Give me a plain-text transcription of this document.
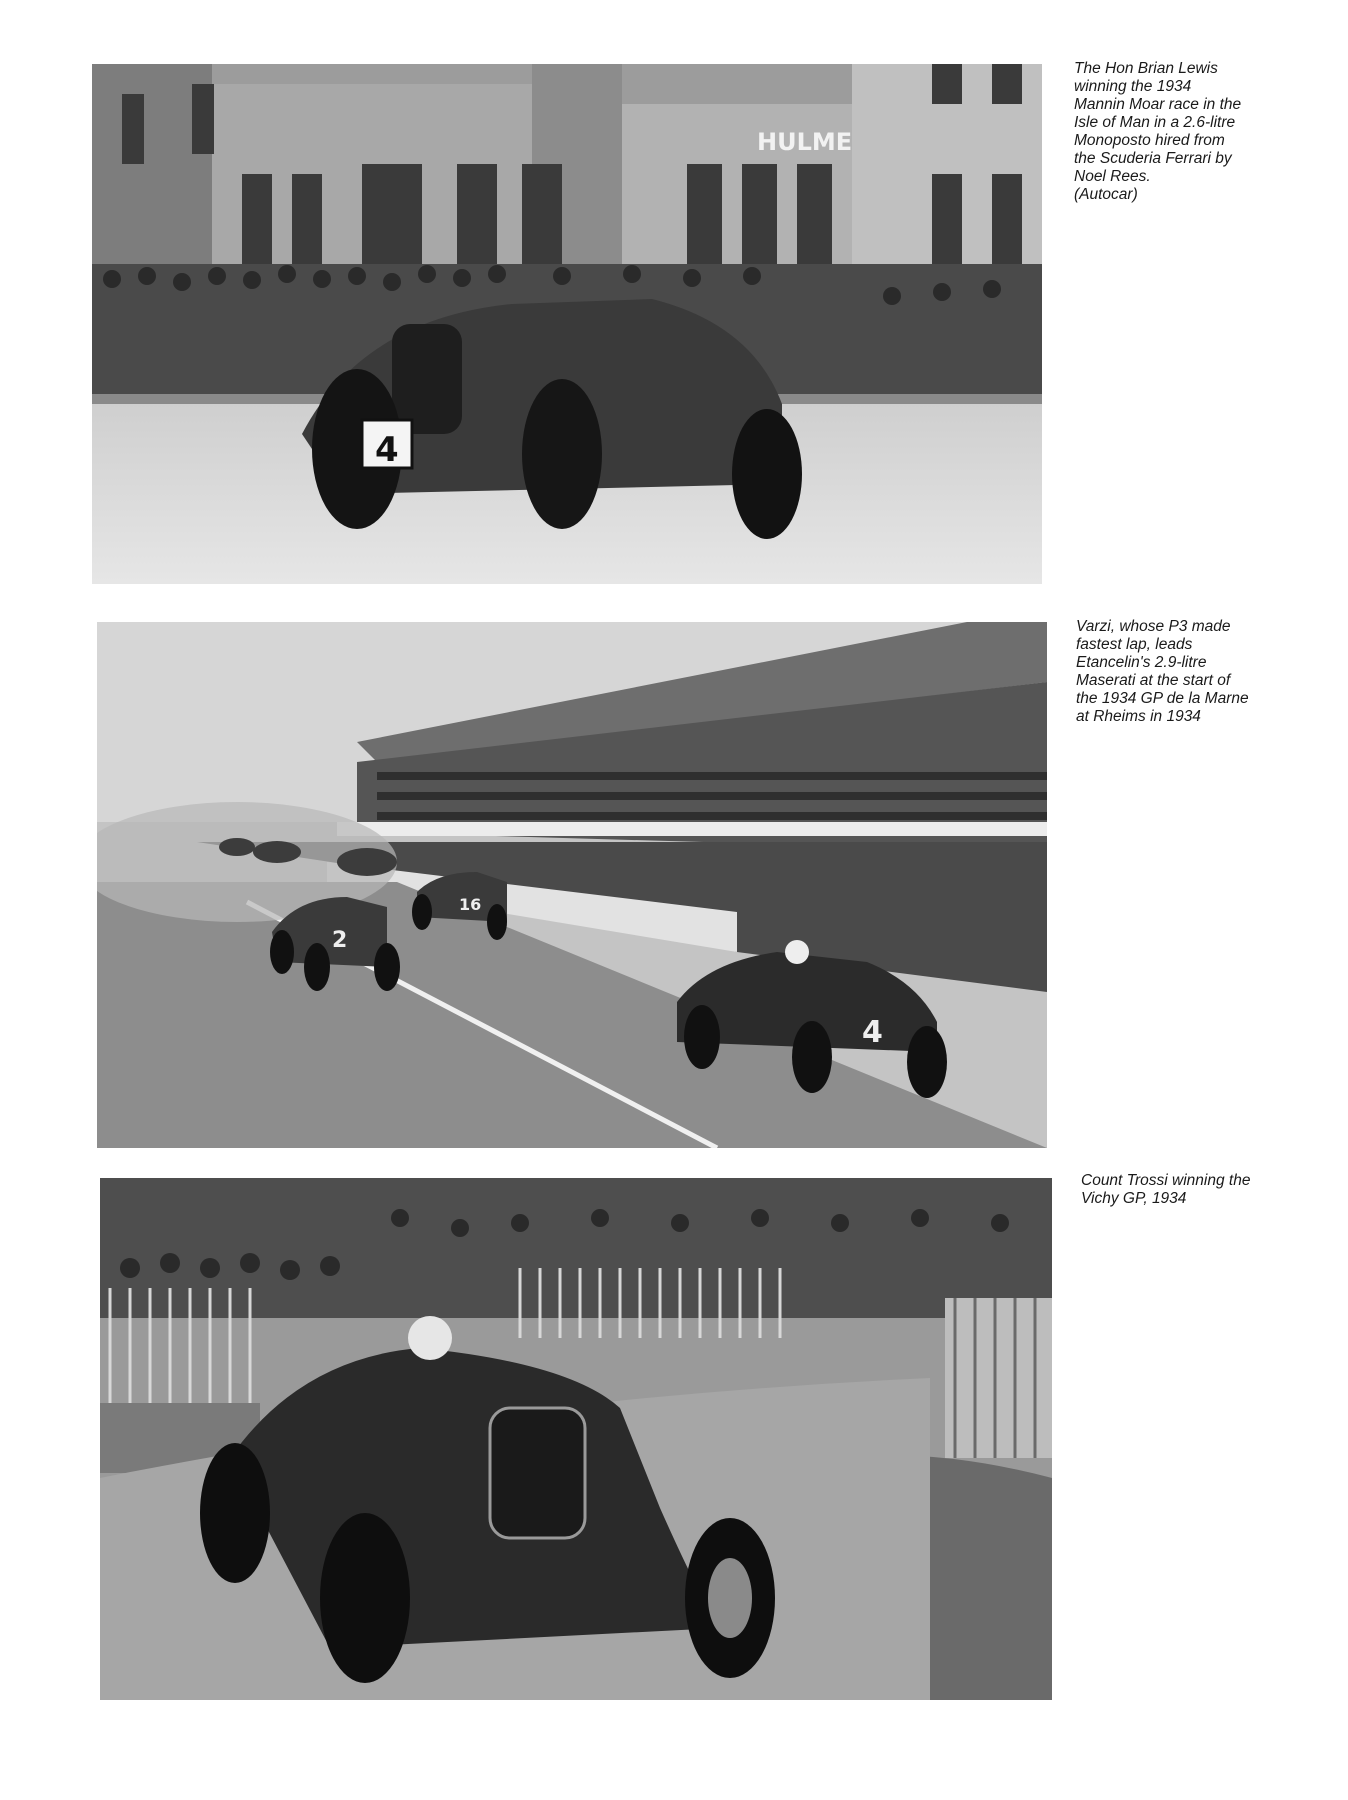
HULME
4
The Hon Brian Lewis
winning the 1934
Mannin Moar race in the
Isle of Man in a 2.6-litre
Monoposto hired from
the Scuderia Ferrari by
Noel Rees.
(Autocar)
4
2
16
Varzi, whose P3 made
fastest lap, leads
Etancelin's 2.9-litre
Maserati at the start of
the 1934 GP de la Marne
at Rheims in 1934
Count Trossi winning the
Vichy GP, 1934
